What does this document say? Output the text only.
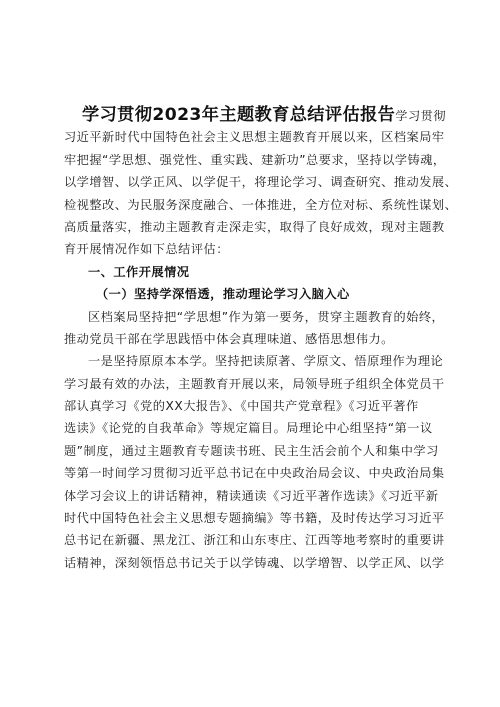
学习贯彻2023年主题教育总结评估报告学习贯彻
习近平新时代中国特色社会主义思想主题教育开展以来，区档案局牢
牢把握“学思想、强党性、重实践、建新功”总要求，坚持以学铸魂，
以学增智、以学正风、以学促干，将理论学习、调查研究、推动发展、
检视整改、为民服务深度融合、一体推进，全方位对标、系统性谋划、
高质量落实，推动主题教育走深走实，取得了良好成效，现对主题教
育开展情况作如下总结评估：
一、工作开展情况
（一）坚持学深悟透，推动理论学习入脑入心
区档案局坚持把“学思想”作为第一要务，贯穿主题教育的始终，
推动党员干部在学思践悟中体会真理味道、感悟思想伟力。
一是坚持原原本本学。坚持把读原著、学原文、悟原理作为理论
学习最有效的办法，主题教育开展以来，局领导班子组织全体党员干
部认真学习《党的XX大报告》、《中国共产党章程》《习近平著作
选读》《论党的自我革命》等规定篇目。局理论中心组坚持“第一议
题”制度，通过主题教育专题读书班、民主生活会前个人和集中学习
等第一时间学习贯彻习近平总书记在中央政治局会议、中央政治局集
体学习会议上的讲话精神，精读通读《习近平著作选读》《习近平新
时代中国特色社会主义思想专题摘编》等书籍，及时传达学习习近平
总书记在新疆、黑龙江、浙江和山东枣庄、江西等地考察时的重要讲
话精神，深刻领悟总书记关于以学铸魂、以学增智、以学正风、以学
